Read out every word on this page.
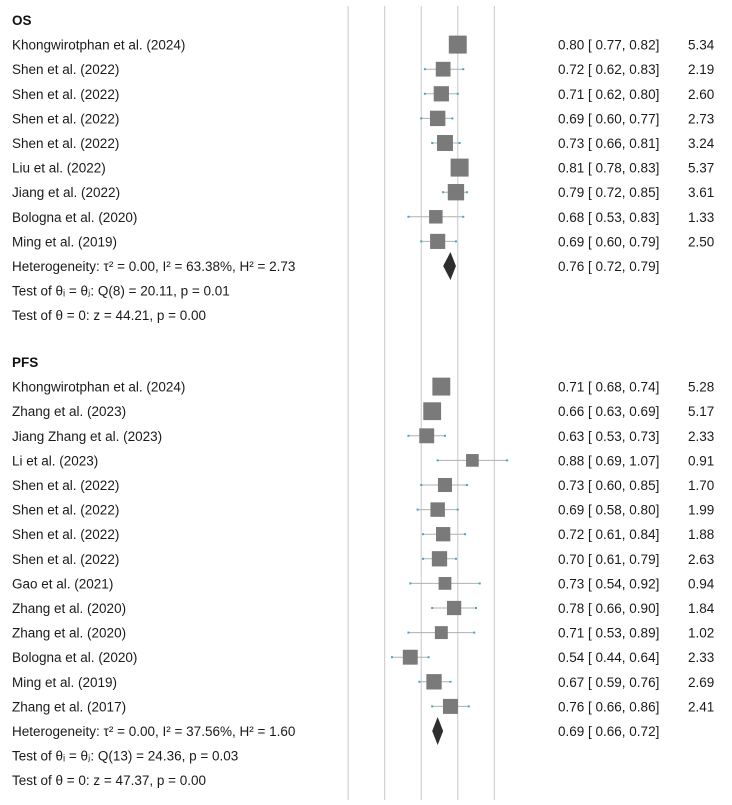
OS
Khongwirotphan et al. (2024)	0.80 [ 0.77, 0.82] 5.34
Shen et al. (2022)	0.72 [ 0.62, 0.83] 2.19
Shen et al. (2022)	0.71 [ 0.62, 0.80] 2.60
Shen et al. (2022)	0.69 [ 0.60, 0.77] 2.73
Shen et al. (2022)	0.73 [ 0.66, 0.81] 3.24
Liu et al. (2022)	0.81 [ 0.78, 0.83] 5.37
Jiang et al. (2022)	0.79 [ 0.72, 0.85] 3.61
Bologna et al. (2020)	0.68 [ 0.53, 0.83] 1.33
Ming et al. (2019)	0.69 [ 0.60, 0.79] 2.50
Heterogeneity: τ² = 0.00, I² = 63.38%, H² = 2.73	0.76 [ 0.72, 0.79]
Test of θᵢ = θⱼ: Q(8) = 20.11, p = 0.01
Test of θ = 0: z = 44.21, p = 0.00
PFS
Khongwirotphan et al. (2024)	0.71 [ 0.68, 0.74] 5.28
Zhang et al. (2023)	0.66 [ 0.63, 0.69] 5.17
Jiang Zhang et al. (2023)	0.63 [ 0.53, 0.73] 2.33
Li et al. (2023)	0.88 [ 0.69, 1.07] 0.91
Shen et al. (2022)	0.73 [ 0.60, 0.85] 1.70
Shen et al. (2022)	0.69 [ 0.58, 0.80] 1.99
Shen et al. (2022)	0.72 [ 0.61, 0.84] 1.88
Shen et al. (2022)	0.70 [ 0.61, 0.79] 2.63
Gao et al. (2021)	0.73 [ 0.54, 0.92] 0.94
Zhang et al. (2020)	0.78 [ 0.66, 0.90] 1.84
Zhang et al. (2020)	0.71 [ 0.53, 0.89] 1.02
Bologna et al. (2020)	0.54 [ 0.44, 0.64] 2.33
Ming et al. (2019)	0.67 [ 0.59, 0.76] 2.69
Zhang et al. (2017)	0.76 [ 0.66, 0.86] 2.41
Heterogeneity: τ² = 0.00, I² = 37.56%, H² = 1.60	0.69 [ 0.66, 0.72]
Test of θᵢ = θⱼ: Q(13) = 24.36, p = 0.03
Test of θ = 0: z = 47.37, p = 0.00
